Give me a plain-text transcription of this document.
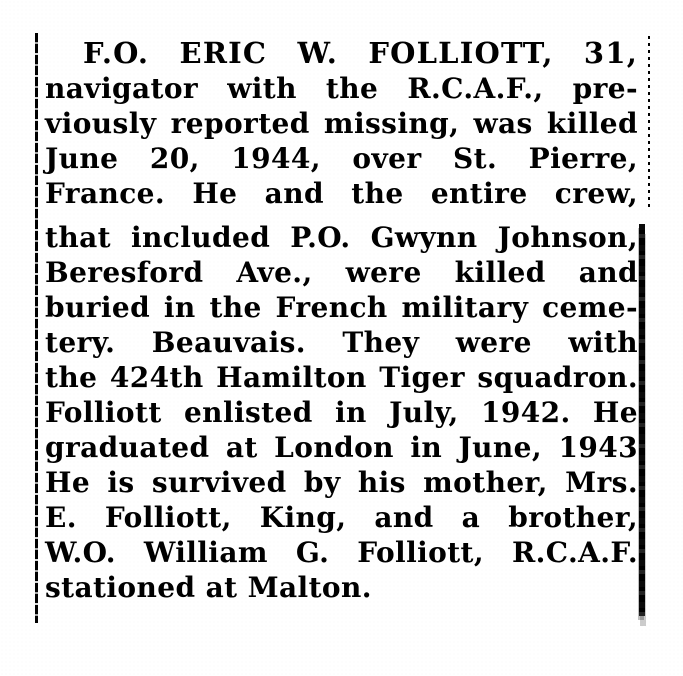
F.O. ERIC W. FOLLIOTT, 31,
navigator with the R.C.A.F., pre-
viously reported missing, was killed
June 20, 1944, over St. Pierre,
France. He and the entire crew,
that included P.O. Gwynn Johnson,
Beresford Ave., were killed and
buried in the French military ceme-
tery. Beauvais. They were with
the 424th Hamilton Tiger squadron.
Folliott enlisted in July, 1942. He
graduated at London in June, 1943
He is survived by his mother, Mrs.
E. Folliott, King, and a brother,
W.O. William G. Folliott, R.C.A.F.
stationed at Malton.
